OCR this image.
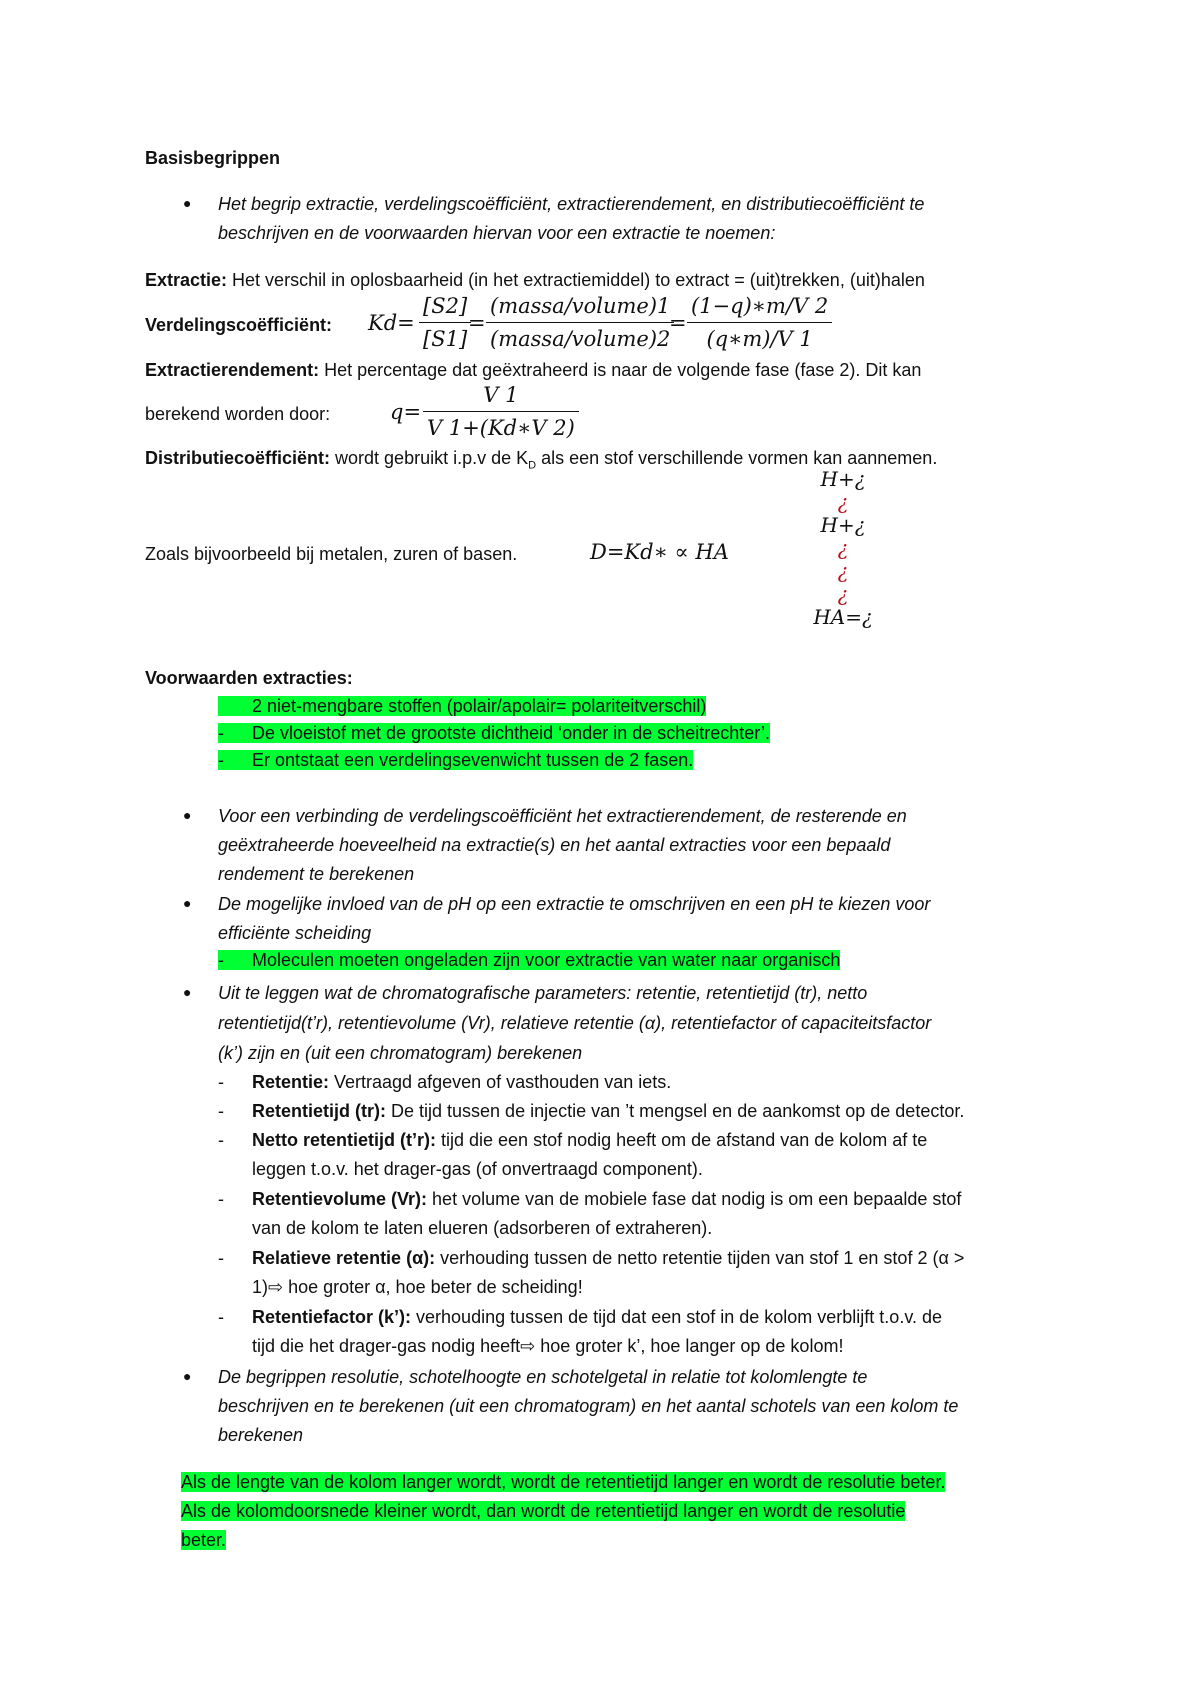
Basisbegrippen
● Het begrip extractie, verdelingscoëfficiënt, extractierendement, en distributiecoëfficiënt te
beschrijven en de voorwaarden hiervan voor een extractie te noemen:
Extractie: Het verschil in oplosbaarheid (in het extractiemiddel) to extract = (uit)trekken, (uit)halen
Verdelingscoëfficiënt: $Kd= \frac{[S2]}{[S1]}$
=
(massa/volume)1
(massa/volume)2
= $\frac{(1-q)∗m/V 2}{(q∗m)/V 1}$
Extractierendement: Het percentage dat geëxtraheerd is naar de volgende fase (fase 2). Dit kan
berekend worden door:	$q= \frac{V 1}{V 1+(Kd∗V 2)}$
Distributiecoëfficiënt: wordt gebruikt i.p.v de $K_D$ als een stof verschillende vormen kan aannemen.
H+¿
¿
H+¿
¿
¿
¿
HA=¿
Zoals bijvoorbeeld bij metalen, zuren of basen.	D=Kd∗ ∝ HA
Voorwaarden extracties:
2 niet-mengbare stoffen (polair/apolair= polariteitverschil)
De vloeistof met de grootste dichtheid ‘onder in de scheitrechter’.
Er ontstaat een verdelingsevenwicht tussen de 2 fasen.
-
-
● Voor een verbinding de verdelingscoëfficiënt het extractierendement, de resterende en
geëxtraheerde hoeveelheid na extractie(s) en het aantal extracties voor een bepaald
rendement te berekenen
● De mogelijke invloed van de pH op een extractie te omschrijven en een pH te kiezen voor
efficiënte scheiding
Moleculen moeten ongeladen zijn voor extractie van water naar organisch
-
● Uit te leggen wat de chromatografische parameters: retentie, retentietijd (tr), netto
retentietijd(t’r), retentievolume (Vr), relatieve retentie (α), retentiefactor of capaciteitsfactor
(k’) zijn en (uit een chromatogram) berekenen
- Retentie: Vertraagd afgeven of vasthouden van iets.
- Retentietijd (tr): De tijd tussen de injectie van ’t mengsel en de aankomst op de detector.
- Netto retentietijd (t’r): tijd die een stof nodig heeft om de afstand van de kolom af te
leggen t.o.v. het drager-gas (of onvertraagd component).
- Retentievolume (Vr): het volume van de mobiele fase dat nodig is om een bepaalde stof
van de kolom te laten elueren (adsorberen of extraheren).
- Relatieve retentie (α): verhouding tussen de netto retentie tijden van stof 1 en stof 2 (α >
1)⇨ hoe groter α, hoe beter de scheiding!
- Retentiefactor (k’): verhouding tussen de tijd dat een stof in de kolom verblijft t.o.v. de
tijd die het drager-gas nodig heeft⇨ hoe groter k’, hoe langer op de kolom!
● De begrippen resolutie, schotelhoogte en schotelgetal in relatie tot kolomlengte te
beschrijven en te berekenen (uit een chromatogram) en het aantal schotels van een kolom te
berekenen
Als de lengte van de kolom langer wordt, wordt de retentietijd langer en wordt de resolutie beter.
Als de kolomdoorsnede kleiner wordt, dan wordt de retentietijd langer en wordt de resolutie
beter.
